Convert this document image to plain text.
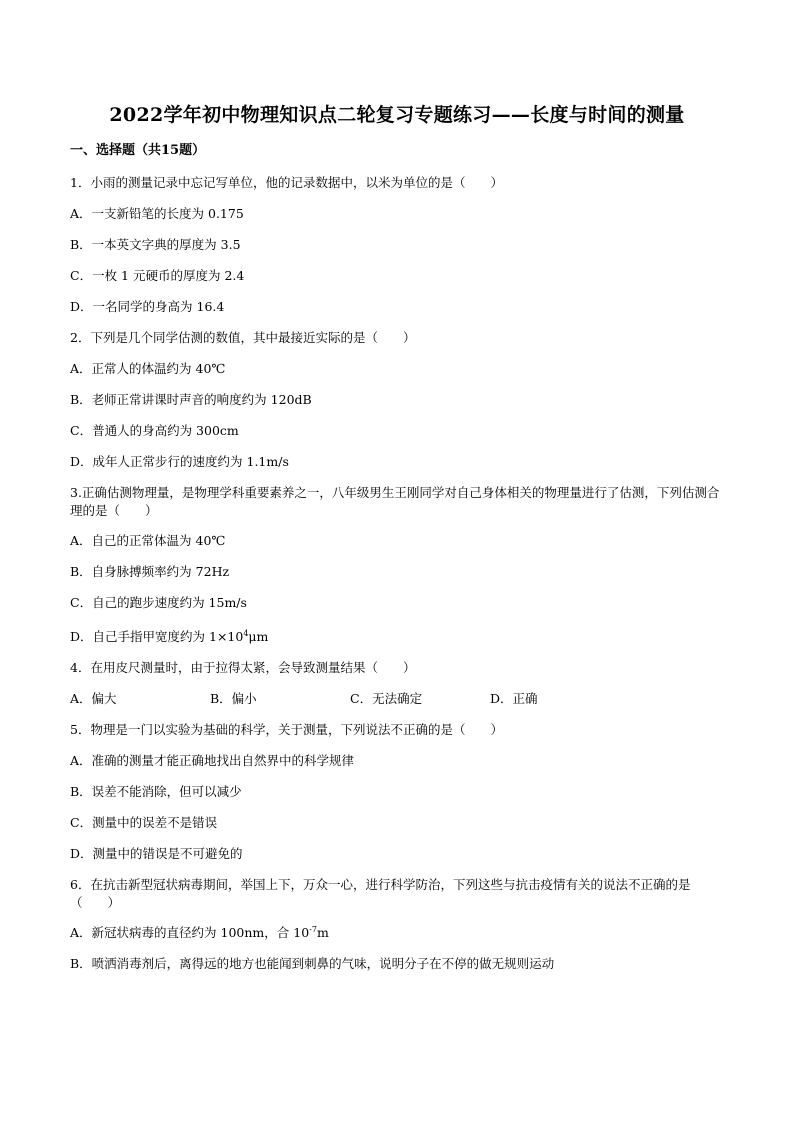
2022学年初中物理知识点二轮复习专题练习——长度与时间的测量
一、选择题（共15题）
1．小雨的测量记录中忘记写单位，他的记录数据中，以米为单位的是（　　）
A．一支新铅笔的长度为 0.175
B．一本英文字典的厚度为 3.5
C．一枚 1 元硬币的厚度为 2.4
D．一名同学的身高为 16.4
2．下列是几个同学估测的数值，其中最接近实际的是（　　）
A．正常人的体温约为 40℃
B．老师正常讲课时声音的响度约为 120dB
C．普通人的身高约为 300cm
D．成年人正常步行的速度约为 1.1m/s
3.正确估测物理量，是物理学科重要素养之一，八年级男生王刚同学对自己身体相关的物理量进行了估测，下列估测合理的是（　　）
A．自己的正常体温为 40℃
B．自身脉搏频率约为 72Hz
C．自己的跑步速度约为 15m/s
D．自己手指甲宽度约为 $1\times 10^4\mu m$
4．在用皮尺测量时，由于拉得太紧，会导致测量结果（　　）
A．偏大	B．偏小	C．无法确定	D．正确
5．物理是一门以实验为基础的科学，关于测量，下列说法不正确的是（　　）
A．准确的测量才能正确地找出自然界中的科学规律
B．误差不能消除，但可以减少
C．测量中的误差不是错误
D．测量中的错误是不可避免的
6．在抗击新型冠状病毒期间，举国上下，万众一心，进行科学防治，下列这些与抗击疫情有关的说法不正确的是（　　）
A．新冠状病毒的直径约为 100nm，合 $10^{-7}m$
B．喷洒消毒剂后，离得远的地方也能闻到刺鼻的气味，说明分子在不停的做无规则运动
